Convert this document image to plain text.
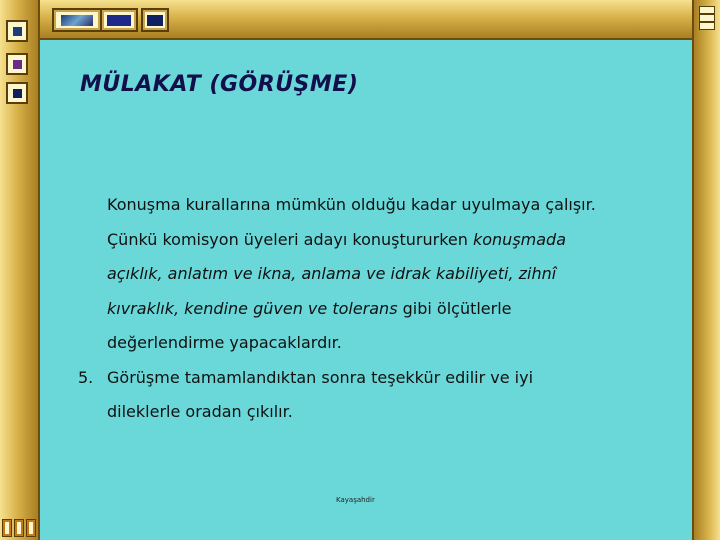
MÜLAKAT (GÖRÜŞME)
Konuşma kurallarına mümkün olduğu kadar uyulmaya çalışır.
Çünkü komisyon üyeleri adayı konuştururken konuşmada
açıklık, anlatım ve ikna, anlama ve idrak kabiliyeti, zihnî
kıvraklık, kendine güven ve tolerans gibi ölçütlerle
değerlendirme yapacaklardır.
5. Görüşme tamamlandıktan sonra teşekkür edilir ve iyi
dileklerle oradan çıkılır.
Kayaşahdir
